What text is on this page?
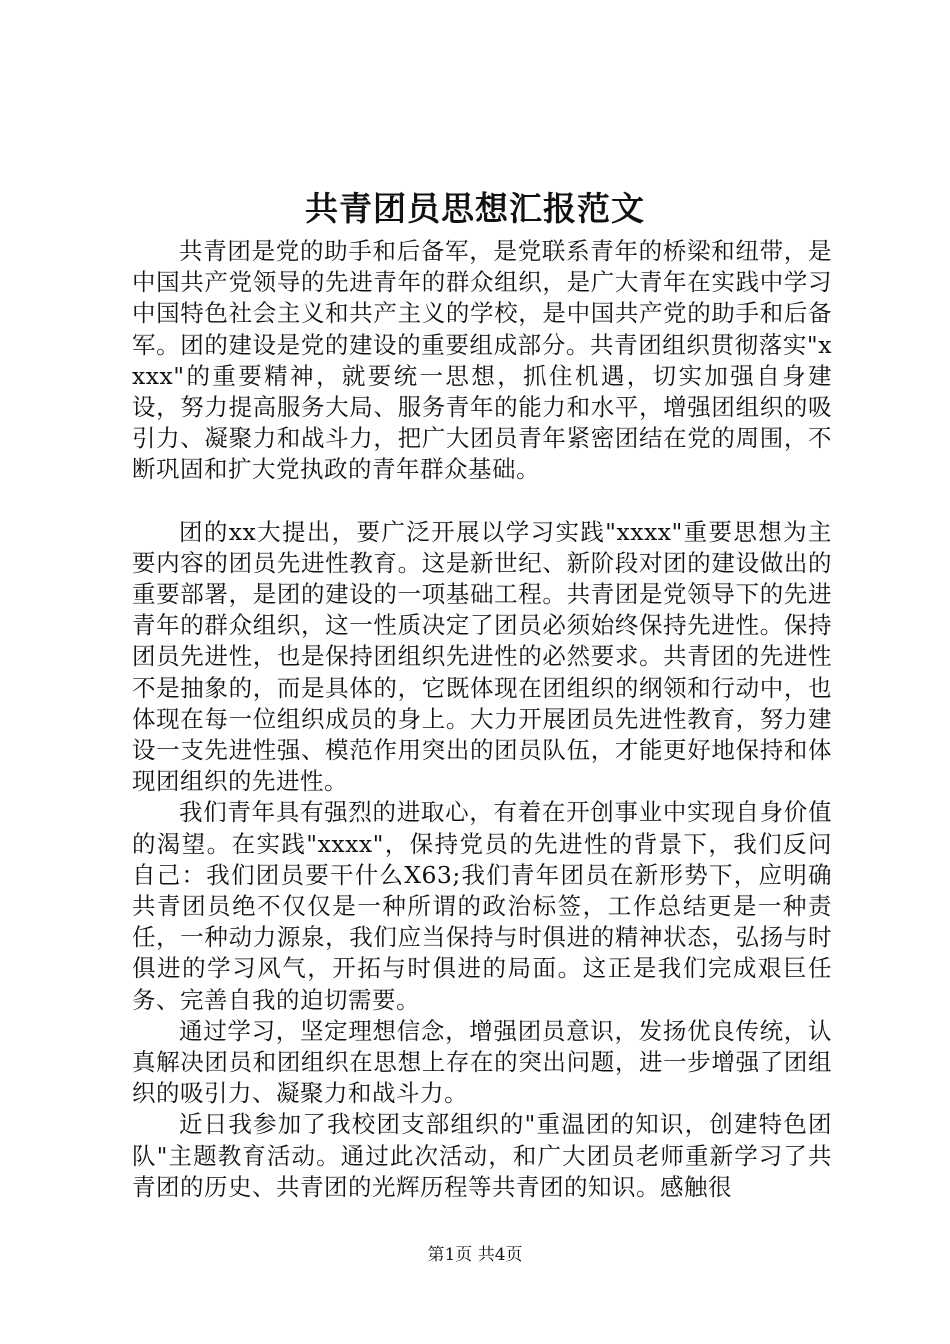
共青团员思想汇报范文

共青团是党的助手和后备军，是党联系青年的桥梁和纽带，是中国共产党领导的先进青年的群众组织，是广大青年在实践中学习中国特色社会主义和共产主义的学校，是中国共产党的助手和后备军。团的建设是党的建设的重要组成部分。共青团组织贯彻落实"xxxx"的重要精神，就要统一思想，抓住机遇，切实加强自身建设，努力提高服务大局、服务青年的能力和水平，增强团组织的吸引力、凝聚力和战斗力，把广大团员青年紧密团结在党的周围，不断巩固和扩大党执政的青年群众基础。

团的xx大提出，要广泛开展以学习实践"xxxx"重要思想为主要内容的团员先进性教育。这是新世纪、新阶段对团的建设做出的重要部署，是团的建设的一项基础工程。共青团是党领导下的先进青年的群众组织，这一性质决定了团员必须始终保持先进性。保持团员先进性，也是保持团组织先进性的必然要求。共青团的先进性不是抽象的，而是具体的，它既体现在团组织的纲领和行动中，也体现在每一位组织成员的身上。大力开展团员先进性教育，努力建设一支先进性强、模范作用突出的团员队伍，才能更好地保持和体现团组织的先进性。

我们青年具有强烈的进取心，有着在开创事业中实现自身价值的渴望。在实践"xxxx"，保持党员的先进性的背景下，我们反问自己：我们团员要干什么X63;我们青年团员在新形势下，应明确共青团员绝不仅仅是一种所谓的政治标签，工作总结更是一种责任，一种动力源泉，我们应当保持与时俱进的精神状态，弘扬与时俱进的学习风气，开拓与时俱进的局面。这正是我们完成艰巨任务、完善自我的迫切需要。

通过学习，坚定理想信念，增强团员意识，发扬优良传统，认真解决团员和团组织在思想上存在的突出问题，进一步增强了团组织的吸引力、凝聚力和战斗力。

近日我参加了我校团支部组织的"重温团的知识，创建特色团队"主题教育活动。通过此次活动，和广大团员老师重新学习了共青团的历史、共青团的光辉历程等共青团的知识。感触很

第1页 共4页
